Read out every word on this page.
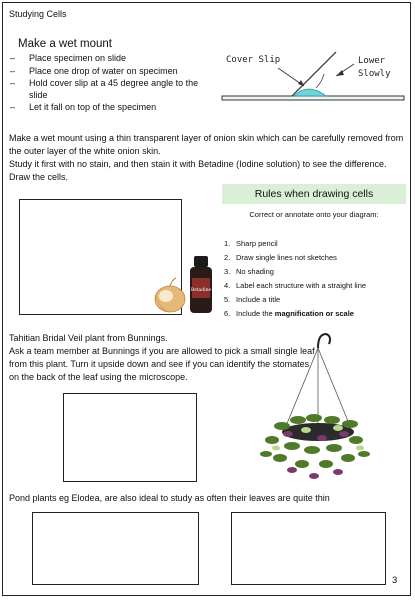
Studying Cells
Make a wet mount
– Place specimen on slide
– Place one drop of water on specimen
– Hold cover slip at a 45 degree angle to the slide
– Let it fall on top of the specimen
Cover Slip	Lower
Slowly
Make a wet mount using a thin transparent layer of onion skin which can be carefully removed from the outer layer of the white onion skin.
Study it first with no stain, and then stain it with Betadine (Iodine solution) to see the difference. Draw the cells.
Betadine
Rules when drawing cells
Correct or annotate onto your diagram:
1. Sharp pencil
2. Draw single lines not sketches
3. No shading
4. Label each structure with a straight line
5. Include a title
6. Include the magnification or scale
Tahitian Bridal Veil plant from Bunnings.
Ask a team member at Bunnings if you are allowed to pick a small single leaf from this plant. Turn it upside down and see if you can identify the stomates on the back of the leaf using the microscope.
Pond plants eg Elodea, are also ideal to study as often their leaves are quite thin
3
